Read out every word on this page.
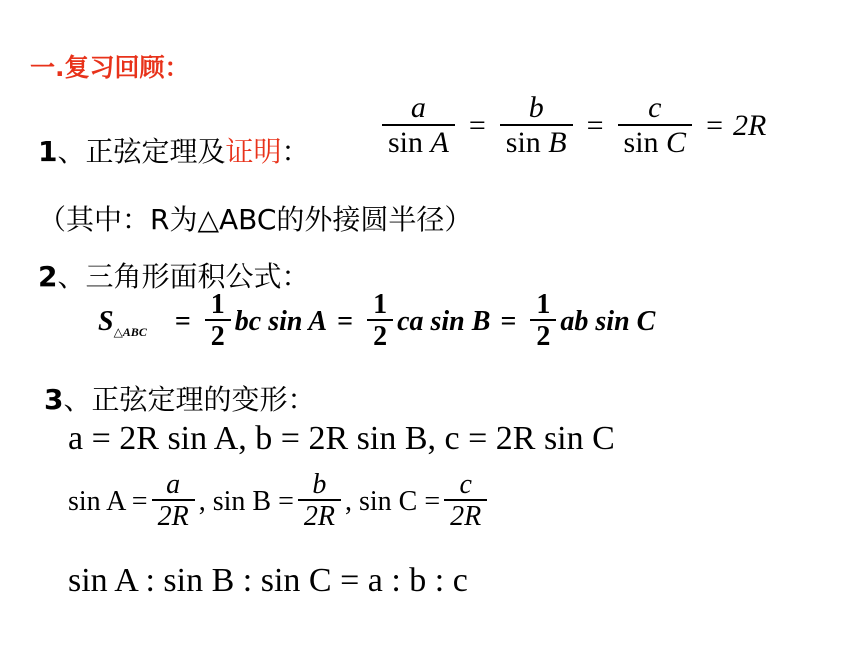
一.复习回顾：
1、正弦定理及证明： $\frac{a}{\text{sin A}} = \frac{b}{\text{sin B}} = \frac{c}{\text{sin C}} = 2R$
（其中：R为△ABC的外接圆半径）
2、三角形面积公式：
S △ABC = $\frac{1}{2}$ bc $\sin A = \frac{1}{2}$ ca $\sin B = \frac{1}{2}$ ab sin C
3、正弦定理的变形：
a = 2R sin A, b = 2R sin B, c = 2R sin C
$\sin A = \frac{a}{2R}$ , $\sin B = \frac{b}{2R}$ , $\sin C = \frac{c}{2R}$
sin A : sin B : sin C = a : b : c
